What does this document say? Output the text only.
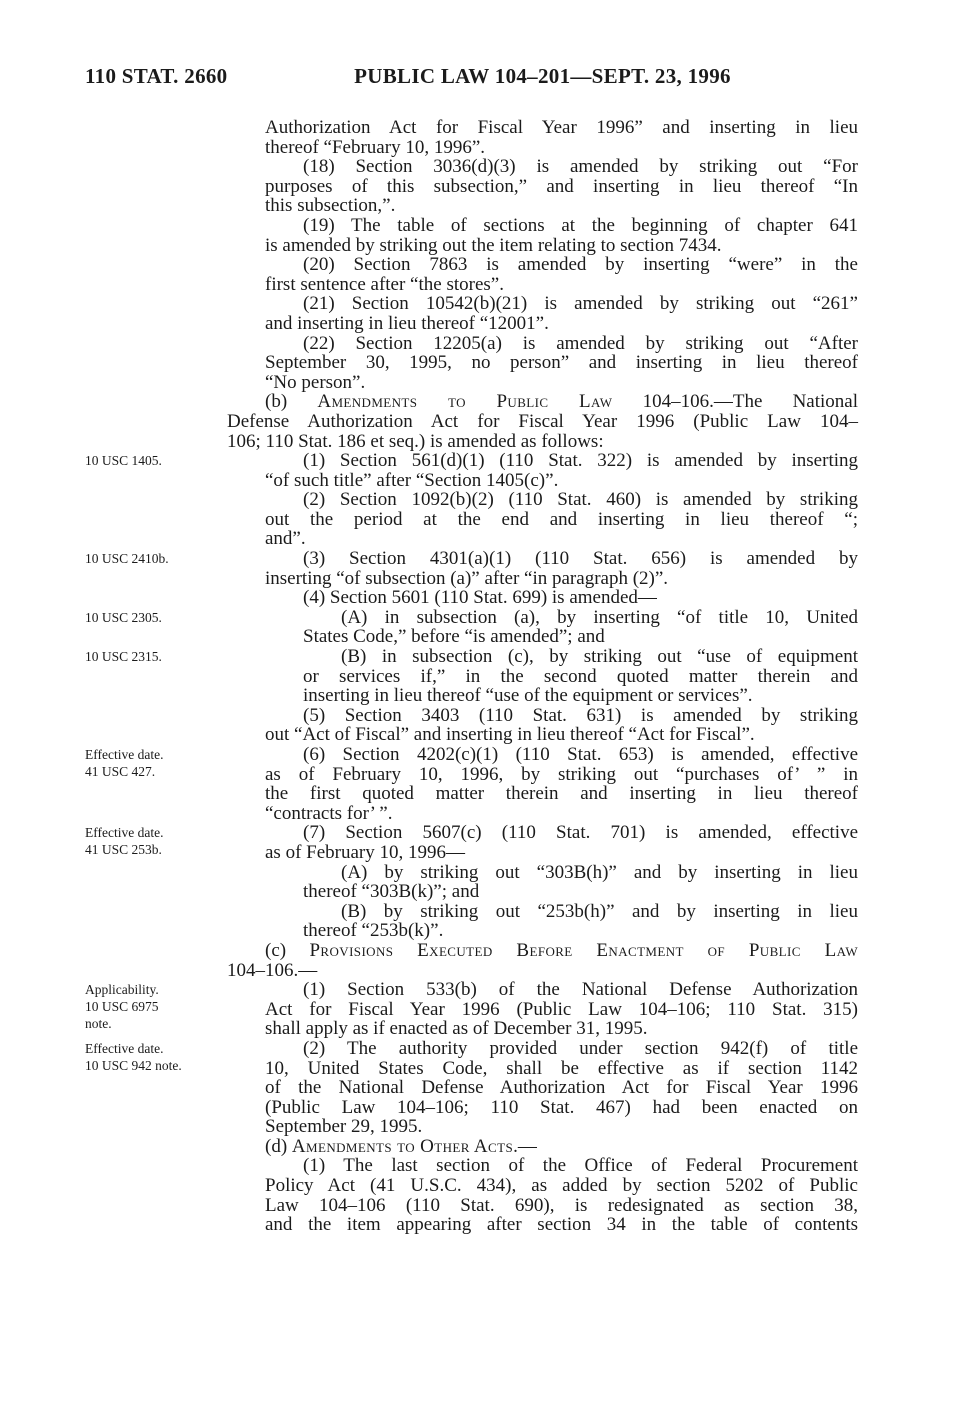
110 STAT. 2660	PUBLIC LAW 104–201—SEPT. 23, 1996
Authorization Act for Fiscal Year 1996” and inserting in lieu
thereof “February 10, 1996”.
(18) Section 3036(d)(3) is amended by striking out “For
purposes of this subsection,” and inserting in lieu thereof “In
this subsection,”.
(19) The table of sections at the beginning of chapter 641
is amended by striking out the item relating to section 7434.
(20) Section 7863 is amended by inserting “were” in the
first sentence after “the stores”.
(21) Section 10542(b)(21) is amended by striking out “261”
and inserting in lieu thereof “12001”.
(22) Section 12205(a) is amended by striking out “After
September 30, 1995, no person” and inserting in lieu thereof
“No person”.
(b) Amendments to Public Law 104–106.—The National
Defense Authorization Act for Fiscal Year 1996 (Public Law 104–
106; 110 Stat. 186 et seq.) is amended as follows:
10 USC 1405.	(1) Section 561(d)(1) (110 Stat. 322) is amended by inserting
“of such title” after “Section 1405(c)”.
(2) Section 1092(b)(2) (110 Stat. 460) is amended by striking
out the period at the end and inserting in lieu thereof “;
and”.
10 USC 2410b.	(3) Section 4301(a)(1) (110 Stat. 656) is amended by
inserting “of subsection (a)” after “in paragraph (2)”.
(4) Section 5601 (110 Stat. 699) is amended—
10 USC 2305.	(A) in subsection (a), by inserting “of title 10, United
States Code,” before “is amended”; and
10 USC 2315.	(B) in subsection (c), by striking out “use of equipment
or services if,” in the second quoted matter therein and
inserting in lieu thereof “use of the equipment or services”.
(5) Section 3403 (110 Stat. 631) is amended by striking
out “Act of Fiscal” and inserting in lieu thereof “Act for Fiscal”.
Effective date.
41 USC 427.
(6) Section 4202(c)(1) (110 Stat. 653) is amended, effective
as of February 10, 1996, by striking out “purchases of’ ” in
the first quoted matter therein and inserting in lieu thereof
“contracts for’ ”.
Effective date.
41 USC 253b.
(7) Section 5607(c) (110 Stat. 701) is amended, effective
as of February 10, 1996—
(A) by striking out “303B(h)” and by inserting in lieu
thereof “303B(k)”; and
(B) by striking out “253b(h)” and by inserting in lieu
thereof “253b(k)”.
(c) Provisions Executed Before Enactment of Public Law
104–106.—
Applicability.
10 USC 6975
note.
(1) Section 533(b) of the National Defense Authorization
Act for Fiscal Year 1996 (Public Law 104–106; 110 Stat. 315)
shall apply as if enacted as of December 31, 1995.
Effective date.
10 USC 942 note.
(2) The authority provided under section 942(f) of title
10, United States Code, shall be effective as if section 1142
of the National Defense Authorization Act for Fiscal Year 1996
(Public Law 104–106; 110 Stat. 467) had been enacted on
September 29, 1995.
(d) Amendments to Other Acts.—
(1) The last section of the Office of Federal Procurement
Policy Act (41 U.S.C. 434), as added by section 5202 of Public
Law 104–106 (110 Stat. 690), is redesignated as section 38,
and the item appearing after section 34 in the table of contents
